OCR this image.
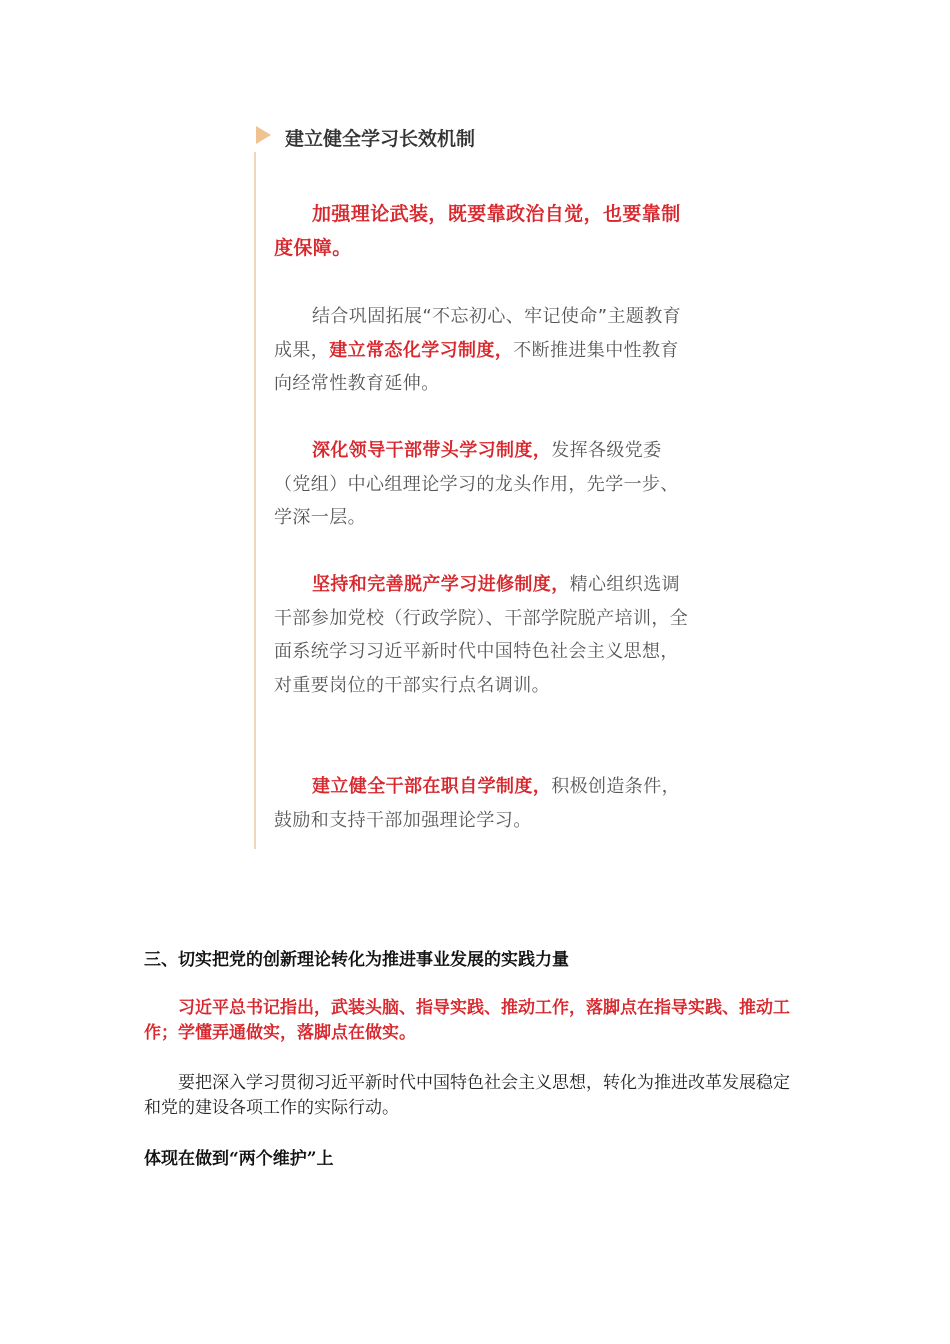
建立健全学习长效机制

加强理论武装，既要靠政治自觉，也要靠制度保障。

结合巩固拓展“不忘初心、牢记使命”主题教育成果，建立常态化学习制度，不断推进集中性教育向经常性教育延伸。

深化领导干部带头学习制度，发挥各级党委（党组）中心组理论学习的龙头作用，先学一步、学深一层。

坚持和完善脱产学习进修制度，精心组织选调干部参加党校（行政学院）、干部学院脱产培训，全面系统学习习近平新时代中国特色社会主义思想，对重要岗位的干部实行点名调训。

建立健全干部在职自学制度，积极创造条件，鼓励和支持干部加强理论学习。

三、切实把党的创新理论转化为推进事业发展的实践力量

习近平总书记指出，武装头脑、指导实践、推动工作，落脚点在指导实践、推动工作；学懂弄通做实，落脚点在做实。

要把深入学习贯彻习近平新时代中国特色社会主义思想，转化为推进改革发展稳定和党的建设各项工作的实际行动。

体现在做到“两个维护”上
